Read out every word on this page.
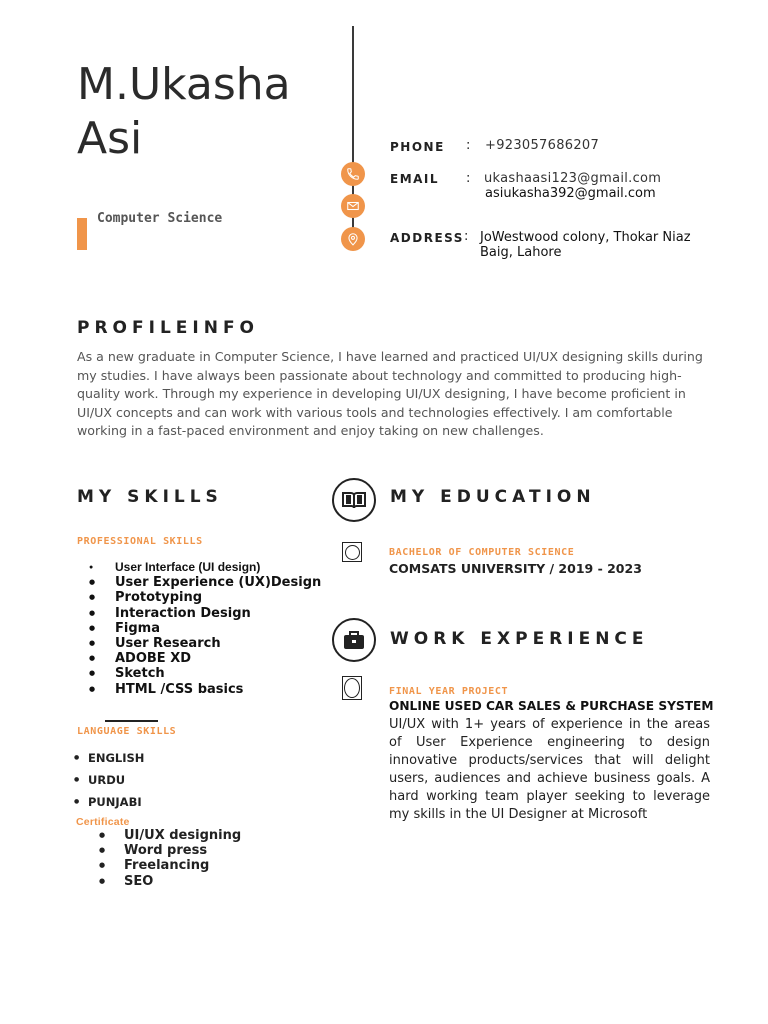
M.Ukasha
Asi
Computer Science
PHONE : +923057686207
EMAIL : ukashaasi123@gmail.com
asiukasha392@gmail.com
ADDRESS : JoWestwood colony, Thokar Niaz
Baig, Lahore
PROFILEINFO
As a new graduate in Computer Science, I have learned and practiced UI/UX designing skills during my studies. I have always been passionate about technology and committed to producing high-quality work. Through my experience in developing UI/UX designing, I have become proficient in UI/UX concepts and can work with various tools and technologies effectively. I am comfortable working in a fast-paced environment and enjoy taking on new challenges.
MY SKILLS
PROFESSIONAL SKILLS
● User Interface (UI design)
● User Experience (UX)Design
● Prototyping
● Interaction Design
● Figma
● User Research
● ADOBE XD
● Sketch
● HTML /CSS basics
LANGUAGE SKILLS
● ENGLISH
● URDU
● PUNJABI
Certificate
● UI/UX designing
● Word press
● Freelancing
● SEO
MY EDUCATION
BACHELOR OF COMPUTER SCIENCE
COMSATS UNIVERSITY / 2019 - 2023
WORK EXPERIENCE
FINAL YEAR PROJECT
ONLINE USED CAR SALES & PURCHASE SYSTEM
UI/UX with 1+ years of experience in the areas of User Experience engineering to design innovative products/services that will delight users, audiences and achieve business goals. A hard working team player seeking to leverage my skills in the UI Designer at Microsoft
